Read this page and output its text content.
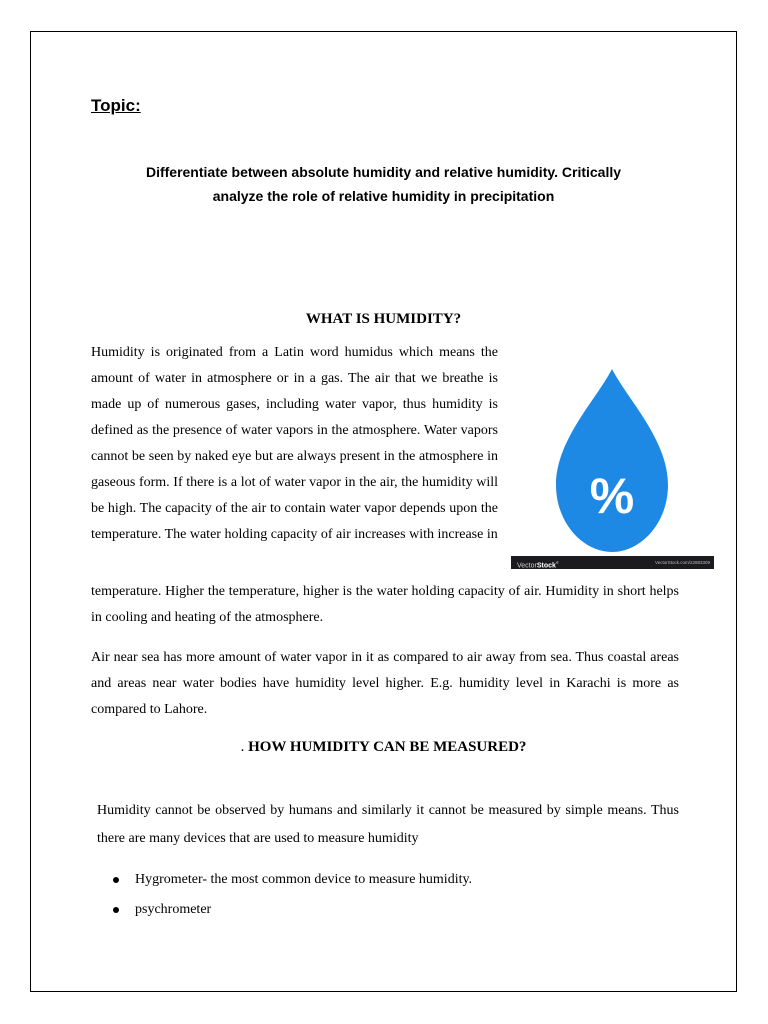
Topic:
Differentiate between absolute humidity and relative humidity. Critically
analyze the role of relative humidity in precipitation
WHAT IS HUMIDITY?
Humidity is originated from a Latin word humidus which means the amount of water in atmosphere or in a gas. The air that we breathe is made up of numerous gases, including water vapor, thus humidity is defined as the presence of water vapors in the atmosphere. Water vapors cannot be seen by naked eye but are always present in the atmosphere in gaseous form. If there is a lot of water vapor in the air, the humidity will be high. The capacity of the air to contain water vapor depends upon the temperature. The water holding capacity of air increases with increase in
%
VectorStock®	VectorStock.com/22883309
temperature. Higher the temperature, higher is the water holding capacity of air. Humidity in short helps in cooling and heating of the atmosphere.
Air near sea has more amount of water vapor in it as compared to air away from sea. Thus coastal areas and areas near water bodies have humidity level higher. E.g. humidity level in Karachi is more as compared to Lahore.
. HOW HUMIDITY CAN BE MEASURED?
Humidity cannot be observed by humans and similarly it cannot be measured by simple means. Thus there are many devices that are used to measure humidity
Hygrometer- the most common device to measure humidity.
psychrometer
